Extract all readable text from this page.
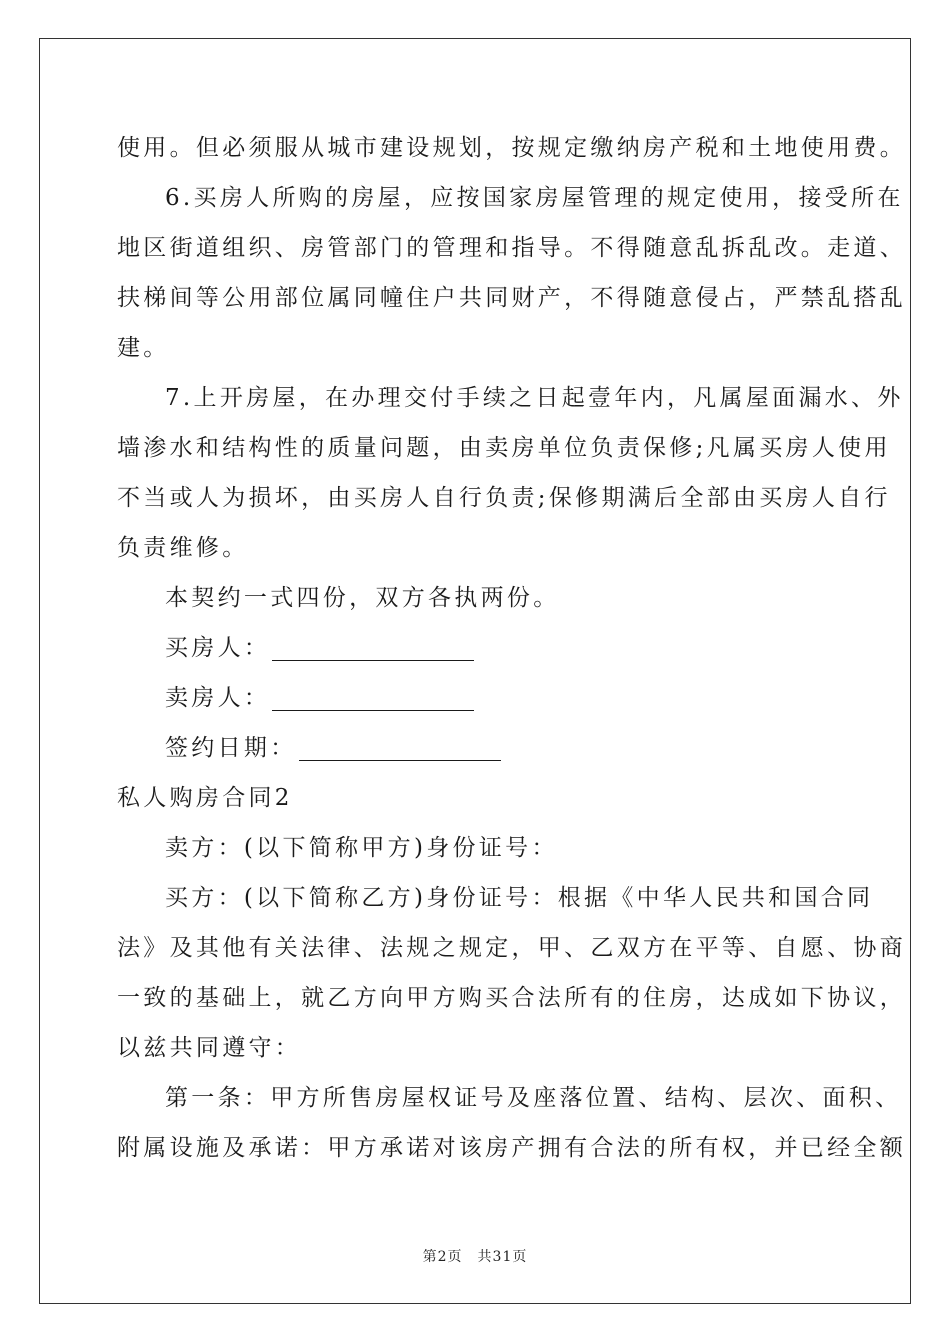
使用。但必须服从城市建设规划，按规定缴纳房产税和土地使用费。
6.买房人所购的房屋，应按国家房屋管理的规定使用，接受所在
地区街道组织、房管部门的管理和指导。不得随意乱拆乱改。走道、
扶梯间等公用部位属同幢住户共同财产，不得随意侵占，严禁乱搭乱
建。
7.上开房屋，在办理交付手续之日起壹年内，凡属屋面漏水、外
墙渗水和结构性的质量问题，由卖房单位负责保修;凡属买房人使用
不当或人为损坏，由买房人自行负责;保修期满后全部由买房人自行
负责维修。
本契约一式四份，双方各执两份。
买房人：
卖房人：
签约日期：
私人购房合同2
卖方：(以下简称甲方)身份证号：
买方：(以下简称乙方)身份证号：根据《中华人民共和国合同
法》及其他有关法律、法规之规定，甲、乙双方在平等、自愿、协商
一致的基础上，就乙方向甲方购买合法所有的住房，达成如下协议，
以兹共同遵守：
第一条：甲方所售房屋权证号及座落位置、结构、层次、面积、
附属设施及承诺：甲方承诺对该房产拥有合法的所有权，并已经全额
第2页　共31页
